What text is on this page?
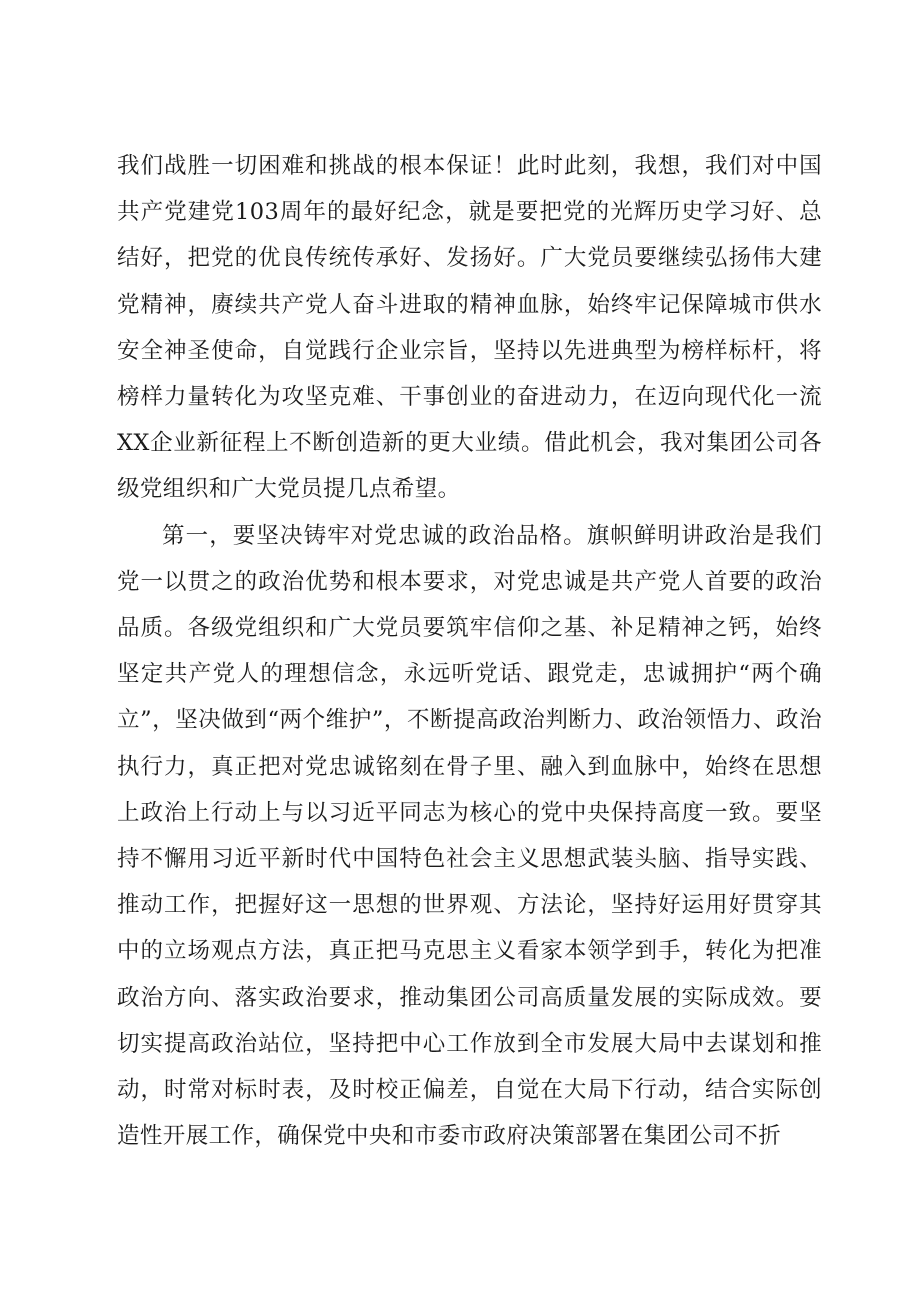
我们战胜一切困难和挑战的根本保证！此时此刻，我想，我们对中国共产党建党103周年的最好纪念，就是要把党的光辉历史学习好、总结好，把党的优良传统传承好、发扬好。广大党员要继续弘扬伟大建党精神，赓续共产党人奋斗进取的精神血脉，始终牢记保障城市供水安全神圣使命，自觉践行企业宗旨，坚持以先进典型为榜样标杆，将榜样力量转化为攻坚克难、干事创业的奋进动力，在迈向现代化一流XX企业新征程上不断创造新的更大业绩。借此机会，我对集团公司各级党组织和广大党员提几点希望。

第一，要坚决铸牢对党忠诚的政治品格。旗帜鲜明讲政治是我们党一以贯之的政治优势和根本要求，对党忠诚是共产党人首要的政治品质。各级党组织和广大党员要筑牢信仰之基、补足精神之钙，始终坚定共产党人的理想信念，永远听党话、跟党走，忠诚拥护“两个确立”，坚决做到“两个维护”，不断提高政治判断力、政治领悟力、政治执行力，真正把对党忠诚铭刻在骨子里、融入到血脉中，始终在思想上政治上行动上与以习近平同志为核心的党中央保持高度一致。要坚持不懈用习近平新时代中国特色社会主义思想武装头脑、指导实践、推动工作，把握好这一思想的世界观、方法论，坚持好运用好贯穿其中的立场观点方法，真正把马克思主义看家本领学到手，转化为把准政治方向、落实政治要求，推动集团公司高质量发展的实际成效。要切实提高政治站位，坚持把中心工作放到全市发展大局中去谋划和推动，时常对标时表，及时校正偏差，自觉在大局下行动，结合实际创造性开展工作，确保党中央和市委市政府决策部署在集团公司不折
